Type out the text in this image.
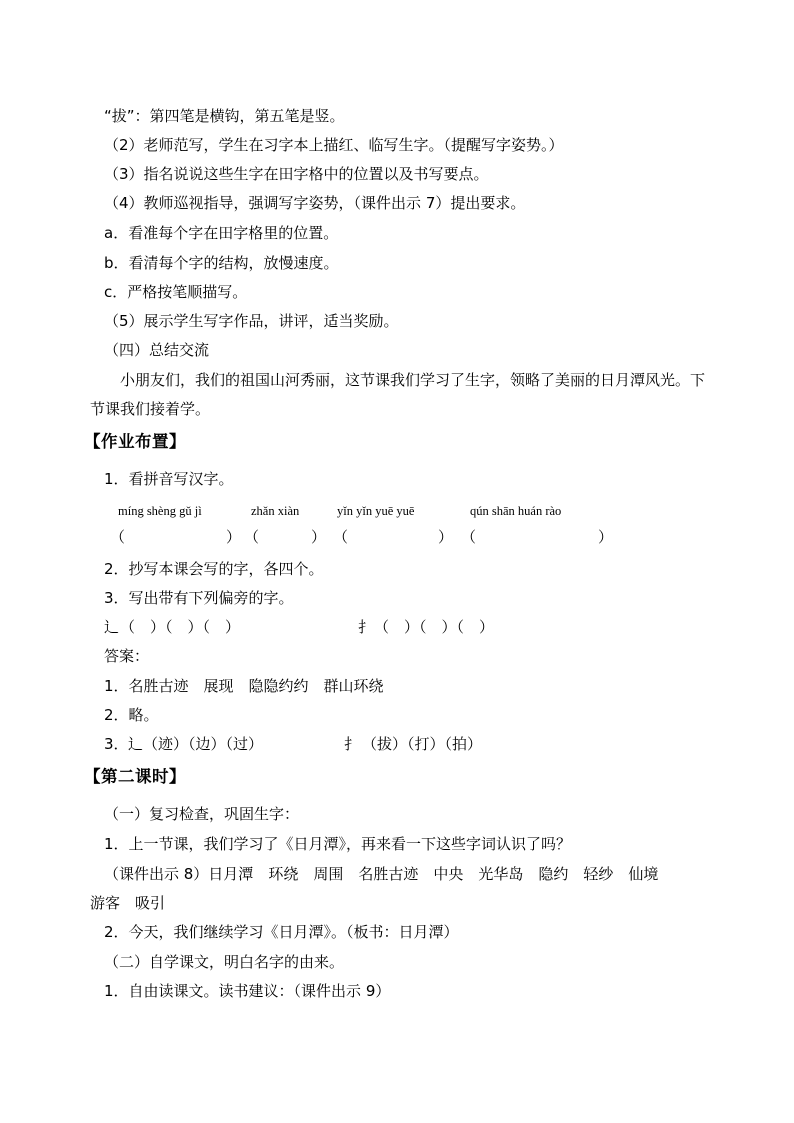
“拔”：第四笔是横钩，第五笔是竖。
（2）老师范写，学生在习字本上描红、临写生字。（提醒写字姿势。）
（3）指名说说这些生字在田字格中的位置以及书写要点。
（4）教师巡视指导，强调写字姿势，（课件出示 7）提出要求。
a．看准每个字在田字格里的位置。
b．看清每个字的结构，放慢速度。
c．严格按笔顺描写。
（5）展示学生写字作品，讲评，适当奖励。
（四）总结交流
小朋友们，我们的祖国山河秀丽，这节课我们学习了生字，领略了美丽的日月潭风光。下
节课我们接着学。
【作业布置】
1．看拼音写汉字。
míng shèng gǔ jì	zhǎn xiàn	yǐn yǐn yuē yuē	qún shān huán rào
（	） （	） （	） （	）
2．抄写本课会写的字，各四个。
3．写出带有下列偏旁的字。
辶 （　）（　）（　）	扌 （　）（　）（　）
答案：
1．名胜古迹　展现　隐隐约约　群山环绕
2．略。
3． 辶 （迹）（边）（过）	扌 （拔）（打）（拍）
【第二课时】
（一）复习检查，巩固生字：
1．上一节课，我们学习了《日月潭》，再来看一下这些字词认识了吗？
（课件出示 8）日月潭　环绕　周围　名胜古迹　中央　光华岛　隐约　轻纱　仙境
游客　吸引
2．今天，我们继续学习《日月潭》。（板书：日月潭）
（二）自学课文，明白名字的由来。
1．自由读课文。读书建议：（课件出示 9）
